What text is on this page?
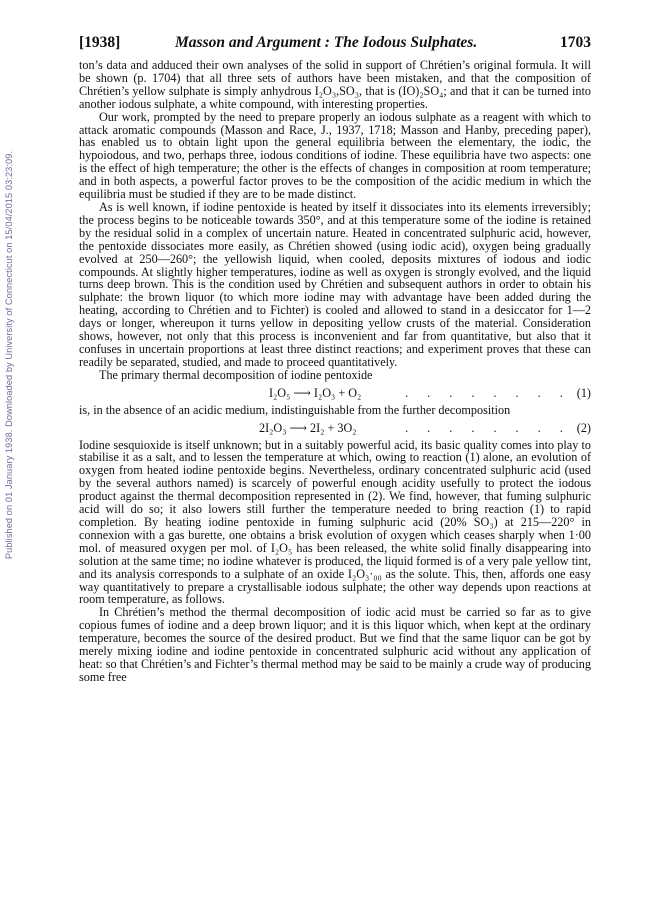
Published on 01 January 1938. Downloaded by University of Connecticut on 15/04/2015 03:23:09.
[1938]	Masson and Argument : The Iodous Sulphates.	1703

ton’s data and adduced their own analyses of the solid in support of Chrétien’s original formula. It will be shown (p. 1704) that all three sets of authors have been mistaken, and that the composition of Chrétien’s yellow sulphate is simply anhydrous I₂O₃,SO₃, that is (IO)₂SO₄; and that it can be turned into another iodous sulphate, a white compound, with interesting properties.

Our work, prompted by the need to prepare properly an iodous sulphate as a reagent with which to attack aromatic compounds (Masson and Race, J., 1937, 1718; Masson and Hanby, preceding paper), has enabled us to obtain light upon the general equilibria between the elementary, the iodic, the hypoiodous, and two, perhaps three, iodous conditions of iodine. These equilibria have two aspects: one is the effect of high temperature; the other is the effects of changes in composition at room temperature; and in both aspects, a powerful factor proves to be the composition of the acidic medium in which the equilibria must be studied if they are to be made distinct.

As is well known, if iodine pentoxide is heated by itself it dissociates into its elements irreversibly; the process begins to be noticeable towards 350°, and at this temperature some of the iodine is retained by the residual solid in a complex of uncertain nature. Heated in concentrated sulphuric acid, however, the pentoxide dissociates more easily, as Chrétien showed (using iodic acid), oxygen being gradually evolved at 250—260°; the yellowish liquid, when cooled, deposits mixtures of iodous and iodic compounds. At slightly higher temperatures, iodine as well as oxygen is strongly evolved, and the liquid turns deep brown. This is the condition used by Chrétien and subsequent authors in order to obtain his sulphate: the brown liquor (to which more iodine may with advantage have been added during the heating, according to Chrétien and to Fichter) is cooled and allowed to stand in a desiccator for 1—2 days or longer, whereupon it turns yellow in depositing yellow crusts of the material. Consideration shows, however, not only that this process is inconvenient and far from quantitative, but also that it confuses in uncertain proportions at least three distinct reactions; and experiment proves that these can readily be separated, studied, and made to proceed quantitatively.

The primary thermal decomposition of iodine pentoxide

I₂O₅ ⟶ I₂O₃ + O₂	. . . . . . . . (1)

is, in the absence of an acidic medium, indistinguishable from the further decomposition

2I₂O₃ ⟶ 2I₂ + 3O₂	. . . . . . . . (2)

Iodine sesquioxide is itself unknown; but in a suitably powerful acid, its basic quality comes into play to stabilise it as a salt, and to lessen the temperature at which, owing to reaction (1) alone, an evolution of oxygen from heated iodine pentoxide begins. Nevertheless, ordinary concentrated sulphuric acid (used by the several authors named) is scarcely of powerful enough acidity usefully to protect the iodous product against the thermal decomposition represented in (2). We find, however, that fuming sulphuric acid will do so; it also lowers still further the temperature needed to bring reaction (1) to rapid completion. By heating iodine pentoxide in fuming sulphuric acid (20% SO₃) at 215—220° in connexion with a gas burette, one obtains a brisk evolution of oxygen which ceases sharply when 1·00 mol. of measured oxygen per mol. of I₂O₅ has been released, the white solid finally disappearing into solution at the same time; no iodine whatever is produced, the liquid formed is of a very pale yellow tint, and its analysis corresponds to a sulphate of an oxide I₂O₃·₀₀ as the solute. This, then, affords one easy way quantitatively to prepare a crystallisable iodous sulphate; the other way depends upon reactions at room temperature, as follows.

In Chrétien’s method the thermal decomposition of iodic acid must be carried so far as to give copious fumes of iodine and a deep brown liquor; and it is this liquor which, when kept at the ordinary temperature, becomes the source of the desired product. But we find that the same liquor can be got by merely mixing iodine and iodine pentoxide in concentrated sulphuric acid without any application of heat: so that Chrétien’s and Fichter’s thermal method may be said to be mainly a crude way of producing some free
